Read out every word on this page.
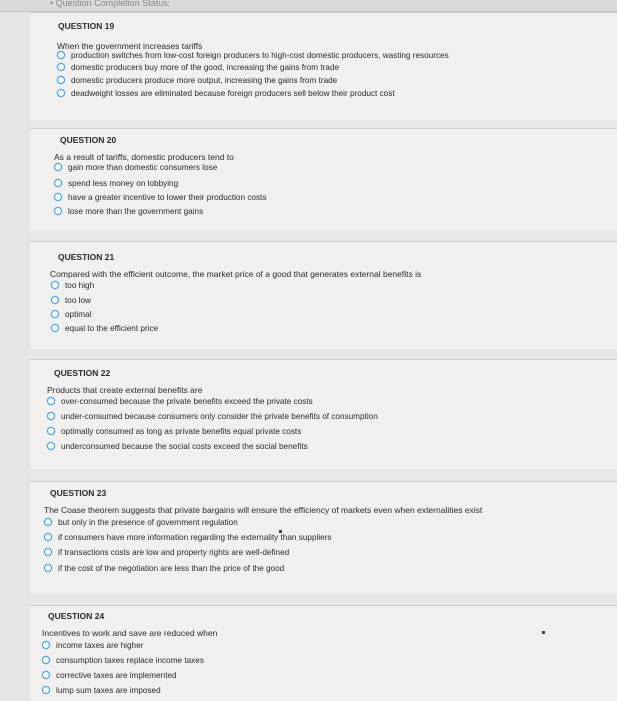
• Question Completion Status:
QUESTION 19
When the government increases tariffs
production switches from low-cost foreign producers to high-cost domestic producers, wasting resources
domestic producers buy more of the good, increasing the gains from trade
domestic producers produce more output, increasing the gains from trade
deadweight losses are eliminated because foreign producers sell below their product cost
QUESTION 20
As a result of tariffs, domestic producers tend to
gain more than domestic consumers lose
spend less money on lobbying
have a greater incentive to lower their production costs
lose more than the government gains
QUESTION 21
Compared with the efficient outcome, the market price of a good that generates external benefits is
too high
too low
optimal
equal to the efficient price
QUESTION 22
Products that create external benefits are
over-consumed because the private benefits exceed the private costs
under-consumed because consumers only consider the private benefits of consumption
optimally consumed as long as private benefits equal private costs
underconsumed because the social costs exceed the social benefits
QUESTION 23
The Coase theorem suggests that private bargains will ensure the efficiency of markets even when externalities exist
but only in the presence of government regulation
if consumers have more information regarding the externality than suppliers
if transactions costs are low and property rights are well-defined
if the cost of the negotiation are less than the price of the good
QUESTION 24
Incentives to work and save are reduced when
income taxes are higher
consumption taxes replace income taxes
corrective taxes are implemented
lump sum taxes are imposed
